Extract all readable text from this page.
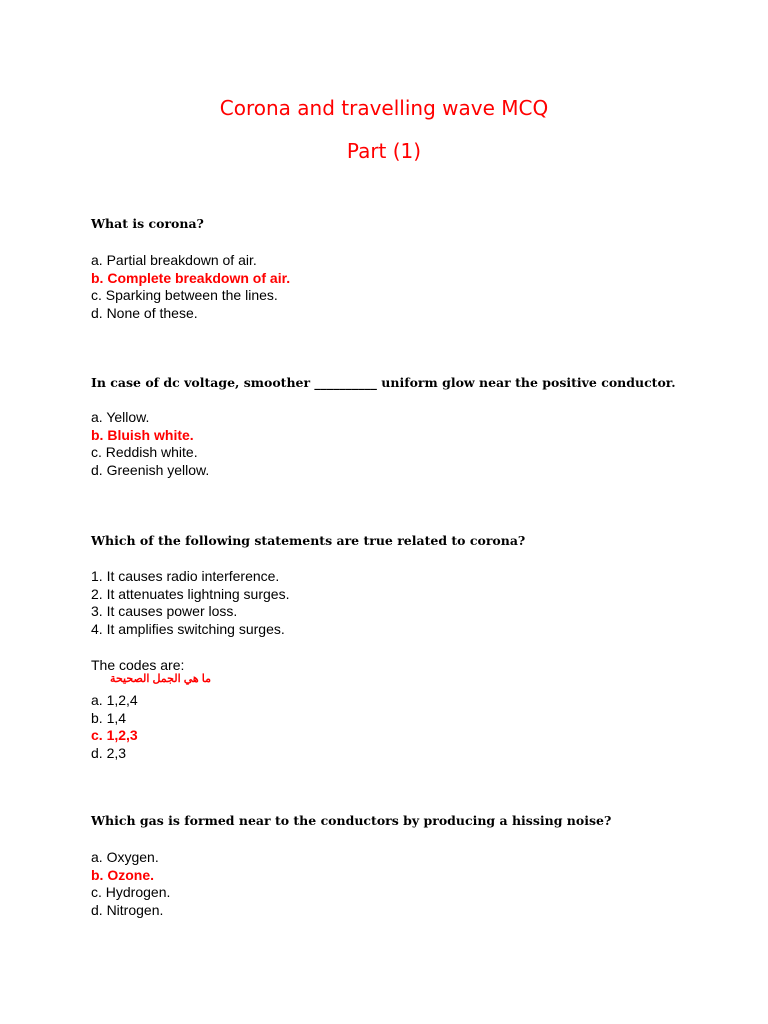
Corona and travelling wave MCQ
Part (1)
What is corona?
a. Partial breakdown of air.
b. Complete breakdown of air.
c. Sparking between the lines.
d. None of these.
In case of dc voltage, smoother __________ uniform glow near the positive conductor.
a. Yellow.
b. Bluish white.
c. Reddish white.
d. Greenish yellow.
Which of the following statements are true related to corona?
1. It causes radio interference.
2. It attenuates lightning surges.
3. It causes power loss.
4. It amplifies switching surges.
The codes are:
ما هي الجمل الصحيحة
a. 1,2,4
b. 1,4
c. 1,2,3
d. 2,3
Which gas is formed near to the conductors by producing a hissing noise?
a. Oxygen.
b. Ozone.
c. Hydrogen.
d. Nitrogen.
